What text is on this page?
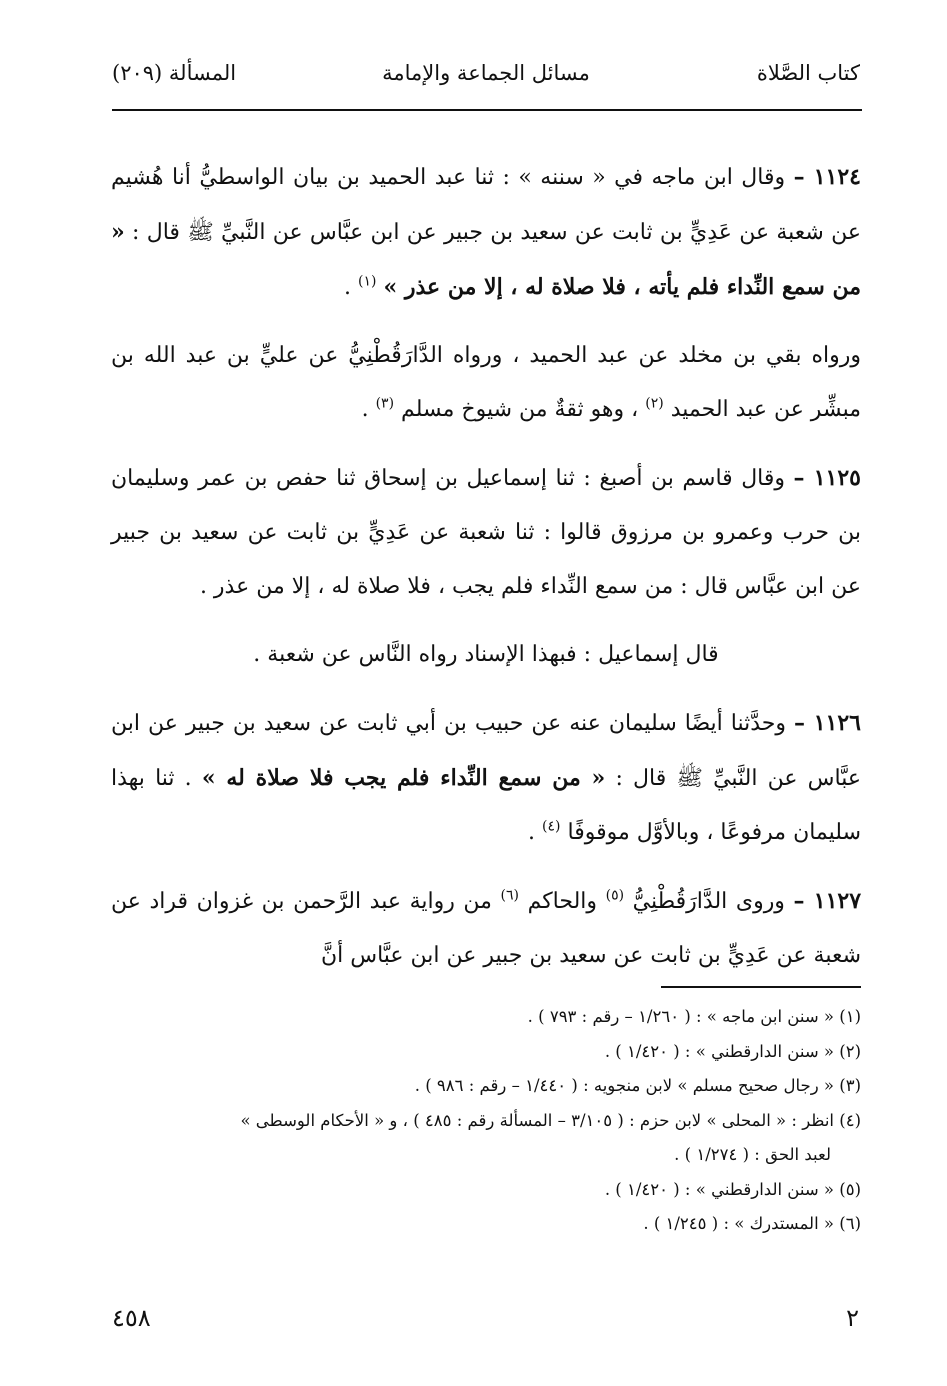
كتاب الصَّلاة
مسائل الجماعة والإمامة
المسألة (٢٠٩)

١١٢٤ – وقال ابن ماجه في « سننه » : ثنا عبد الحميد بن بيان الواسطيُّ أنا هُشيم عن شعبة عن عَدِيٍّ بن ثابت عن سعيد بن جبير عن ابن عبَّاس عن النَّبيِّ ﷺ قال : « من سمع النِّداء فلم يأته ، فلا صلاة له ، إلا من عذر » $^{(١)}$ .

ورواه بقي بن مخلد عن عبد الحميد ، ورواه الدَّارَقُطْنِيُّ عن عليٍّ بن عبد الله بن مبشِّر عن عبد الحميد $^{(٢)}$ ، وهو ثقةٌ من شيوخ مسلم $^{(٣)}$ .

١١٢٥ – وقال قاسم بن أصبغ : ثنا إسماعيل بن إسحاق ثنا حفص بن عمر وسليمان بن حرب وعمرو بن مرزوق قالوا : ثنا شعبة عن عَدِيٍّ بن ثابت عن سعيد بن جبير عن ابن عبَّاس قال : من سمع النِّداء فلم يجب ، فلا صلاة له ، إلا من عذر .

قال إسماعيل : فبهذا الإسناد رواه النَّاس عن شعبة .

١١٢٦ – وحدَّثنا أيضًا سليمان عنه عن حبيب بن أبي ثابت عن سعيد بن جبير عن ابن عبَّاس عن النَّبيِّ ﷺ قال : « من سمع النِّداء فلم يجب فلا صلاة له » . ثنا بهذا سليمان مرفوعًا ، وبالأوَّل موقوفًا $^{(٤)}$ .

١١٢٧ – وروى الدَّارَقُطْنِيُّ $^{(٥)}$ والحاكم $^{(٦)}$ من رواية عبد الرَّحمن بن غزوان قراد عن شعبة عن عَدِيٍّ بن ثابت عن سعيد بن جبير عن ابن عبَّاس أنَّ

(١) « سنن ابن ماجه » : ( ١/٢٦٠ – رقم : ٧٩٣ ) .
(٢) « سنن الدارقطني » : ( ١/٤٢٠ ) .
(٣) « رجال صحيح مسلم » لابن منجويه : ( ١/٤٤٠ – رقم : ٩٨٦ ) .
(٤) انظر : « المحلى » لابن حزم : ( ٣/١٠٥ – المسألة رقم : ٤٨٥ ) ، و « الأحكام الوسطى »
لعبد الحق : ( ١/٢٧٤ ) .
(٥) « سنن الدارقطني » : ( ١/٤٢٠ ) .
(٦) « المستدرك » : ( ١/٢٤٥ ) .
٢
٤٥٨
